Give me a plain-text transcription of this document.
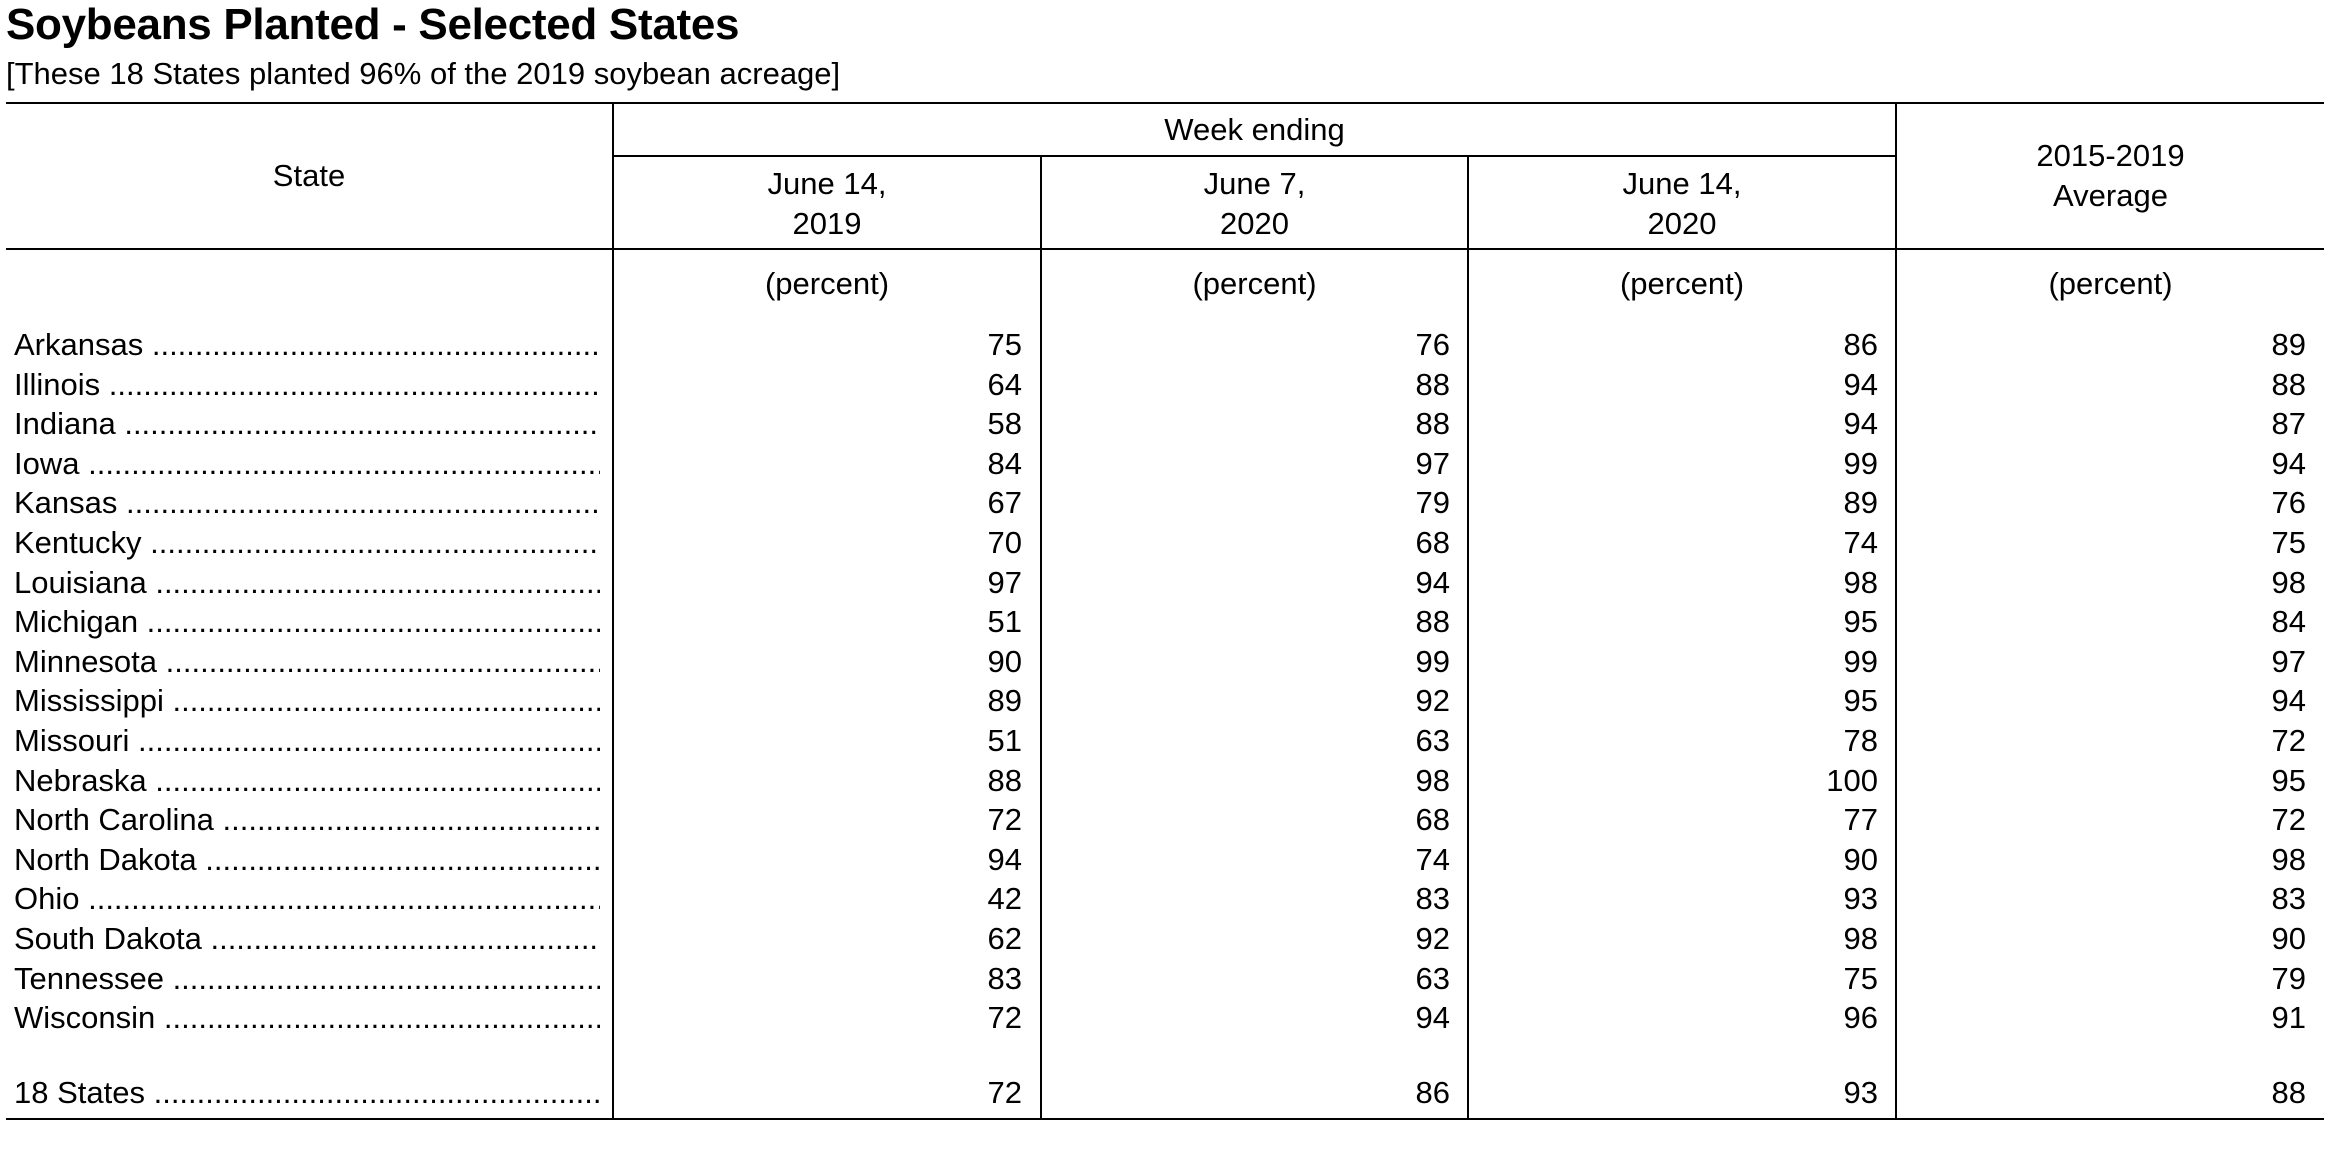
Soybeans Planted - Selected States
[These 18 States planted 96% of the 2019 soybean acreage]
State
Week ending
June 14,
2019
June 7,
2020
June 14,
2020
2015-2019
Average
(percent)	(percent)	(percent)	(percent)
Arkansas .....	75	76	86	89
Illinois .....	64	88	94	88
Indiana .....	58	88	94	87
Iowa .....	84	97	99	94
Kansas .....	67	79	89	76
Kentucky .....	70	68	74	75
Louisiana .....	97	94	98	98
Michigan .....	51	88	95	84
Minnesota .....	90	99	99	97
Mississippi .....	89	92	95	94
Missouri .....	51	63	78	72
Nebraska .....	88	98	100	95
North Carolina .....	72	68	77	72
North Dakota .....	94	74	90	98
Ohio .....	42	83	93	83
South Dakota .....	62	92	98	90
Tennessee .....	83	63	75	79
Wisconsin .....	72	94	96	91
18 States .....	72	86	93	88
